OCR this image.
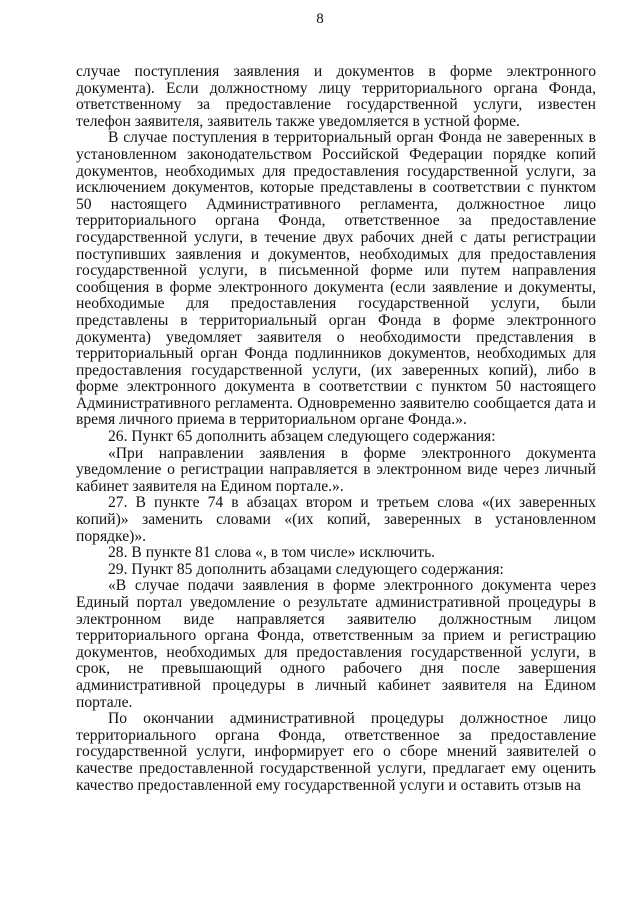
8

случае поступления заявления и документов в форме электронного документа). Если должностному лицу территориального органа Фонда, ответственному за предоставление государственной услуги, известен телефон заявителя, заявитель также уведомляется в устной форме.

В случае поступления в территориальный орган Фонда не заверенных в установленном законодательством Российской Федерации порядке копий документов, необходимых для предоставления государственной услуги, за исключением документов, которые представлены в соответствии с пунктом 50 настоящего Административного регламента, должностное лицо территориального органа Фонда, ответственное за предоставление государственной услуги, в течение двух рабочих дней с даты регистрации поступивших заявления и документов, необходимых для предоставления государственной услуги, в письменной форме или путем направления сообщения в форме электронного документа (если заявление и документы, необходимые для предоставления государственной услуги, были представлены в территориальный орган Фонда в форме электронного документа) уведомляет заявителя о необходимости представления в территориальный орган Фонда подлинников документов, необходимых для предоставления государственной услуги, (их заверенных копий), либо в форме электронного документа в соответствии с пунктом 50 настоящего Административного регламента. Одновременно заявителю сообщается дата и время личного приема в территориальном органе Фонда.».

26. Пункт 65 дополнить абзацем следующего содержания:

«При направлении заявления в форме электронного документа уведомление о регистрации направляется в электронном виде через личный кабинет заявителя на Едином портале.».

27. В пункте 74 в абзацах втором и третьем слова «(их заверенных копий)» заменить словами «(их копий, заверенных в установленном порядке)».

28. В пункте 81 слова «, в том числе» исключить.

29. Пункт 85 дополнить абзацами следующего содержания:

«В случае подачи заявления в форме электронного документа через Единый портал уведомление о результате административной процедуры в электронном виде направляется заявителю должностным лицом территориального органа Фонда, ответственным за прием и регистрацию документов, необходимых для предоставления государственной услуги, в срок, не превышающий одного рабочего дня после завершения административной процедуры в личный кабинет заявителя на Едином портале.

По окончании административной процедуры должностное лицо территориального органа Фонда, ответственное за предоставление государственной услуги, информирует его о сборе мнений заявителей о качестве предоставленной государственной услуги, предлагает ему оценить качество предоставленной ему государственной услуги и оставить отзыв на
